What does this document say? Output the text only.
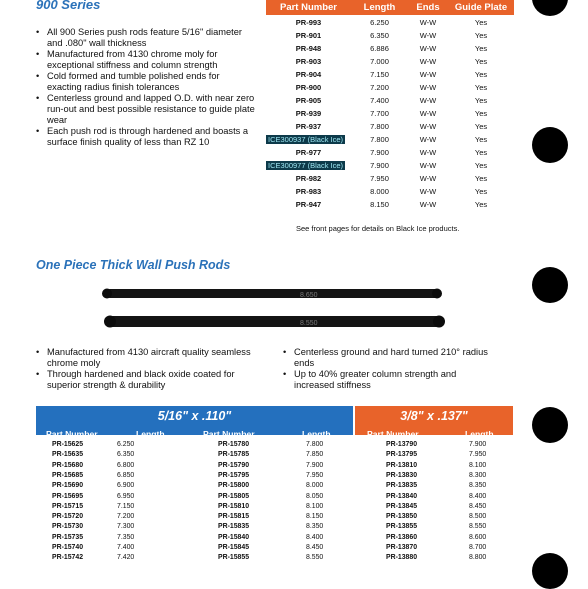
900 Series
• All 900 Series push rods feature 5/16" diameter and .080" wall thickness
• Manufactured from 4130 chrome moly for exceptional stiffness and column strength
• Cold formed and tumble polished ends for exacting radius finish tolerances
• Centerless ground and lapped O.D. with near zero run-out and best possible resistance to guide plate wear
• Each push rod is through hardened and boasts a surface finish quality of less than RZ 10
Part Number	Length	Ends	Guide Plate
PR-993	6.250	W-W	Yes
PR-901	6.350	W-W	Yes
PR-948	6.886	W-W	Yes
PR-903	7.000	W-W	Yes
PR-904	7.150	W-W	Yes
PR-900	7.200	W-W	Yes
PR-905	7.400	W-W	Yes
PR-939	7.700	W-W	Yes
PR-937	7.800	W-W	Yes
ICE300937 (Black Ice)	7.800	W-W	Yes
PR-977	7.900	W-W	Yes
ICE300977 (Black Ice)	7.900	W-W	Yes
PR-982	7.950	W-W	Yes
PR-983	8.000	W-W	Yes
PR-947	8.150	W-W	Yes
See front pages for details on Black Ice products.
One Piece Thick Wall Push Rods
8.650
8.550
• Manufactured from 4130 aircraft quality seamless chrome moly
• Through hardened and black oxide coated for superior strength & durability
• Centerless ground and hard turned 210° radius ends
• Up to 40% greater column strength and increased stiffness
5/16" x .110"
Part Number	Length	Part Number	Length
3/8" x .137"
Part Number	Length
PR-15625	6.250
PR-15635	6.350
PR-15680	6.800
PR-15685	6.850
PR-15690	6.900
PR-15695	6.950
PR-15715	7.150
PR-15720	7.200
PR-15730	7.300
PR-15735	7.350
PR-15740	7.400
PR-15742	7.420
PR-15780	7.800
PR-15785	7.850
PR-15790	7.900
PR-15795	7.950
PR-15800	8.000
PR-15805	8.050
PR-15810	8.100
PR-15815	8.150
PR-15835	8.350
PR-15840	8.400
PR-15845	8.450
PR-15855	8.550
PR-13790	7.900
PR-13795	7.950
PR-13810	8.100
PR-13830	8.300
PR-13835	8.350
PR-13840	8.400
PR-13845	8.450
PR-13850	8.500
PR-13855	8.550
PR-13860	8.600
PR-13870	8.700
PR-13880	8.800
